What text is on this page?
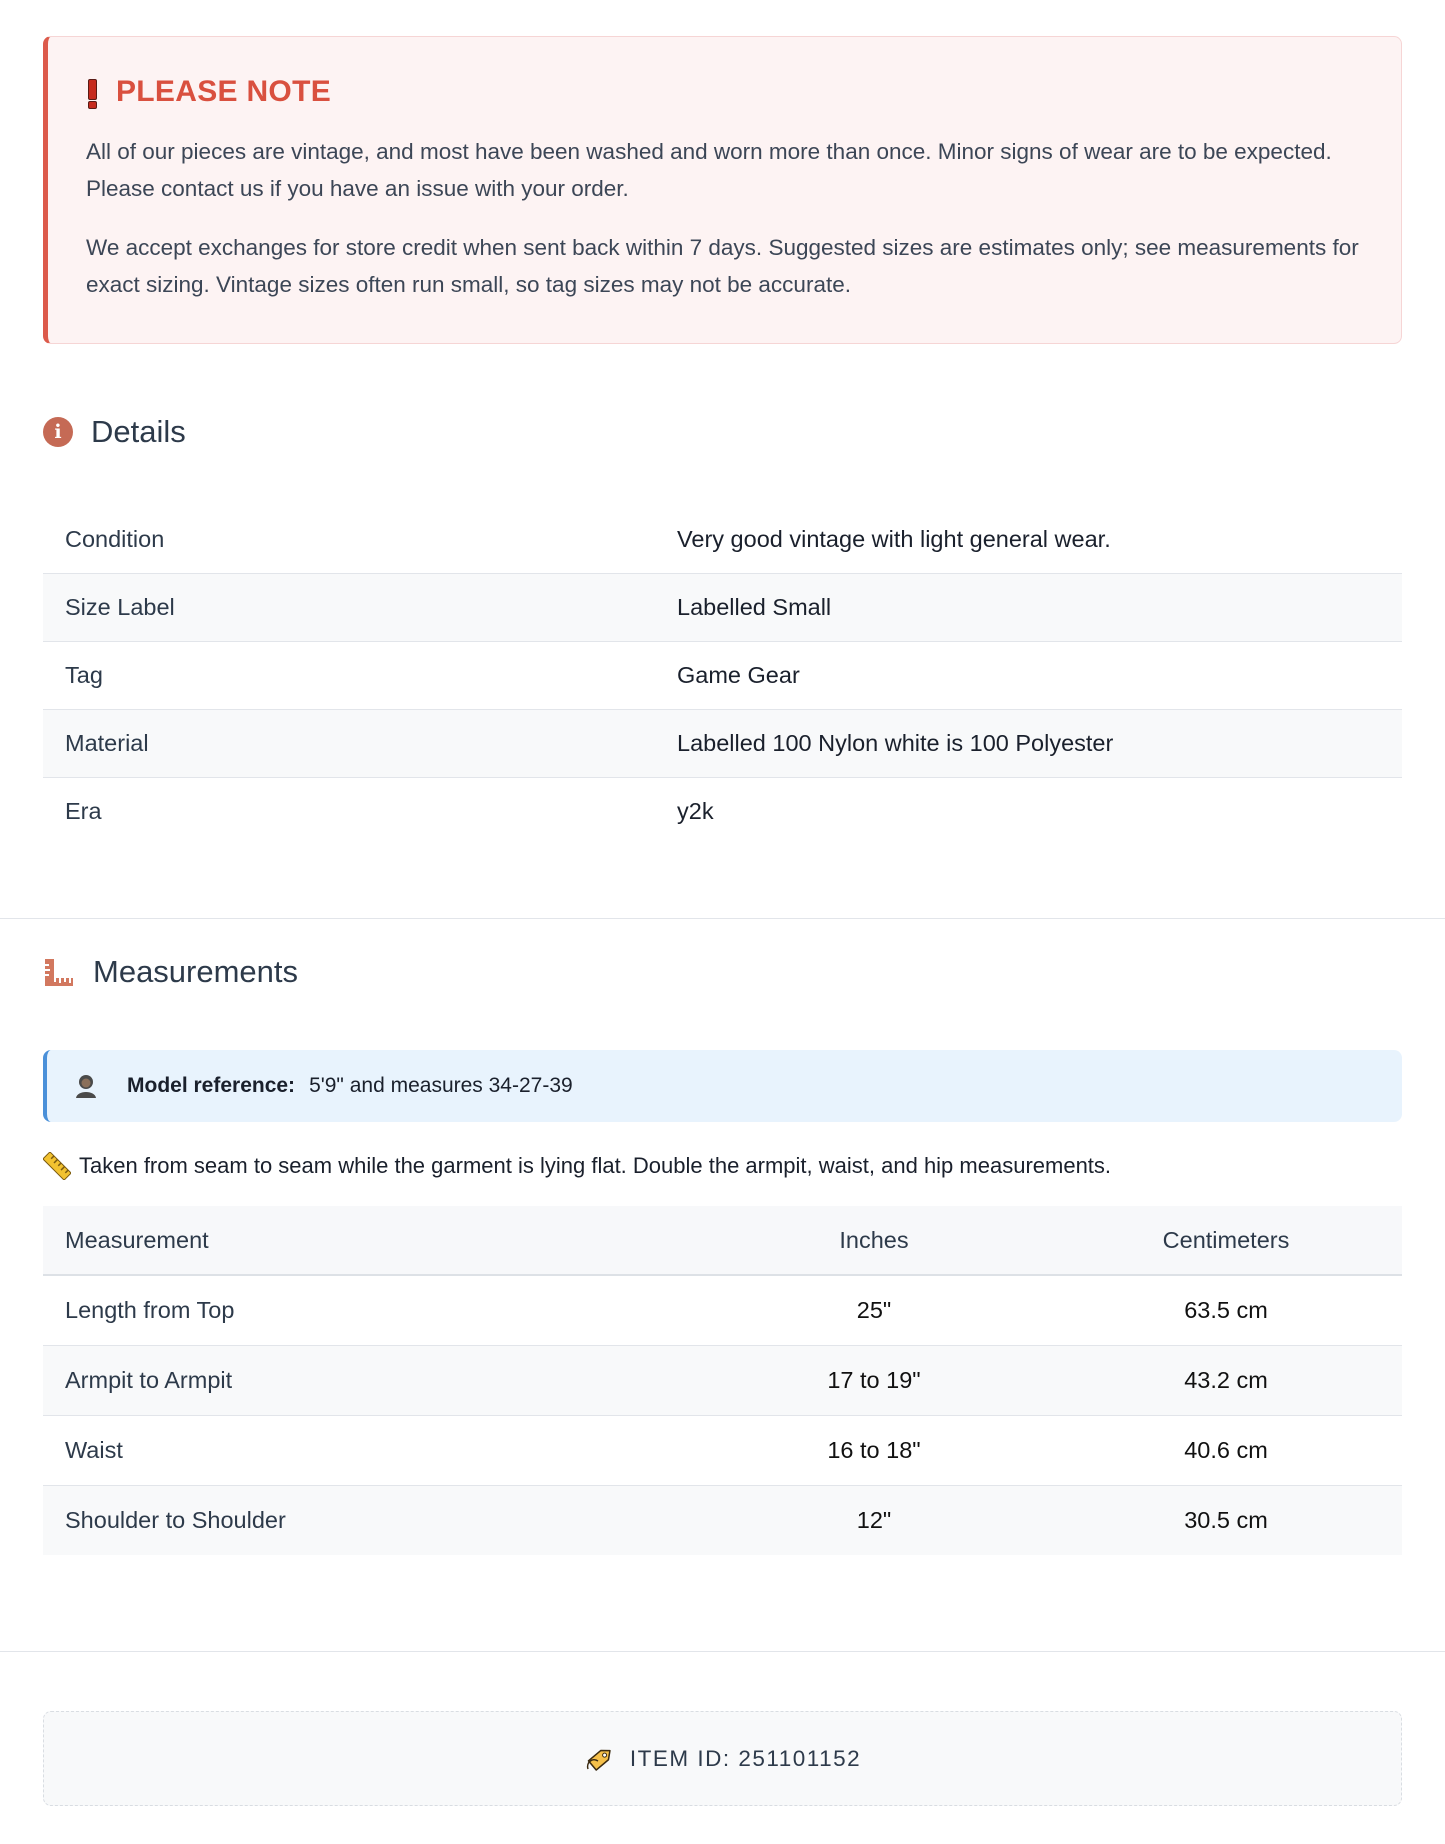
PLEASE NOTE

All of our pieces are vintage, and most have been washed and worn more than once. Minor signs of wear are to be expected. Please contact us if you have an issue with your order.

We accept exchanges for store credit when sent back within 7 days. Suggested sizes are estimates only; see measurements for exact sizing. Vintage sizes often run small, so tag sizes may not be accurate.

i Details
Condition	Very good vintage with light general wear.
Size Label	Labelled Small
Tag	Game Gear
Material	Labelled 100 Nylon white is 100 Polyester
Era	y2k
Measurements
Model reference: 5'9" and measures 34-27-39
Taken from seam to seam while the garment is lying flat. Double the armpit, waist, and hip measurements.
Measurement	Inches	Centimeters
Length from Top	25"	63.5 cm
Armpit to Armpit	17 to 19"	43.2 cm
Waist	16 to 18"	40.6 cm
Shoulder to Shoulder	12"	30.5 cm
ITEM ID: 251101152
